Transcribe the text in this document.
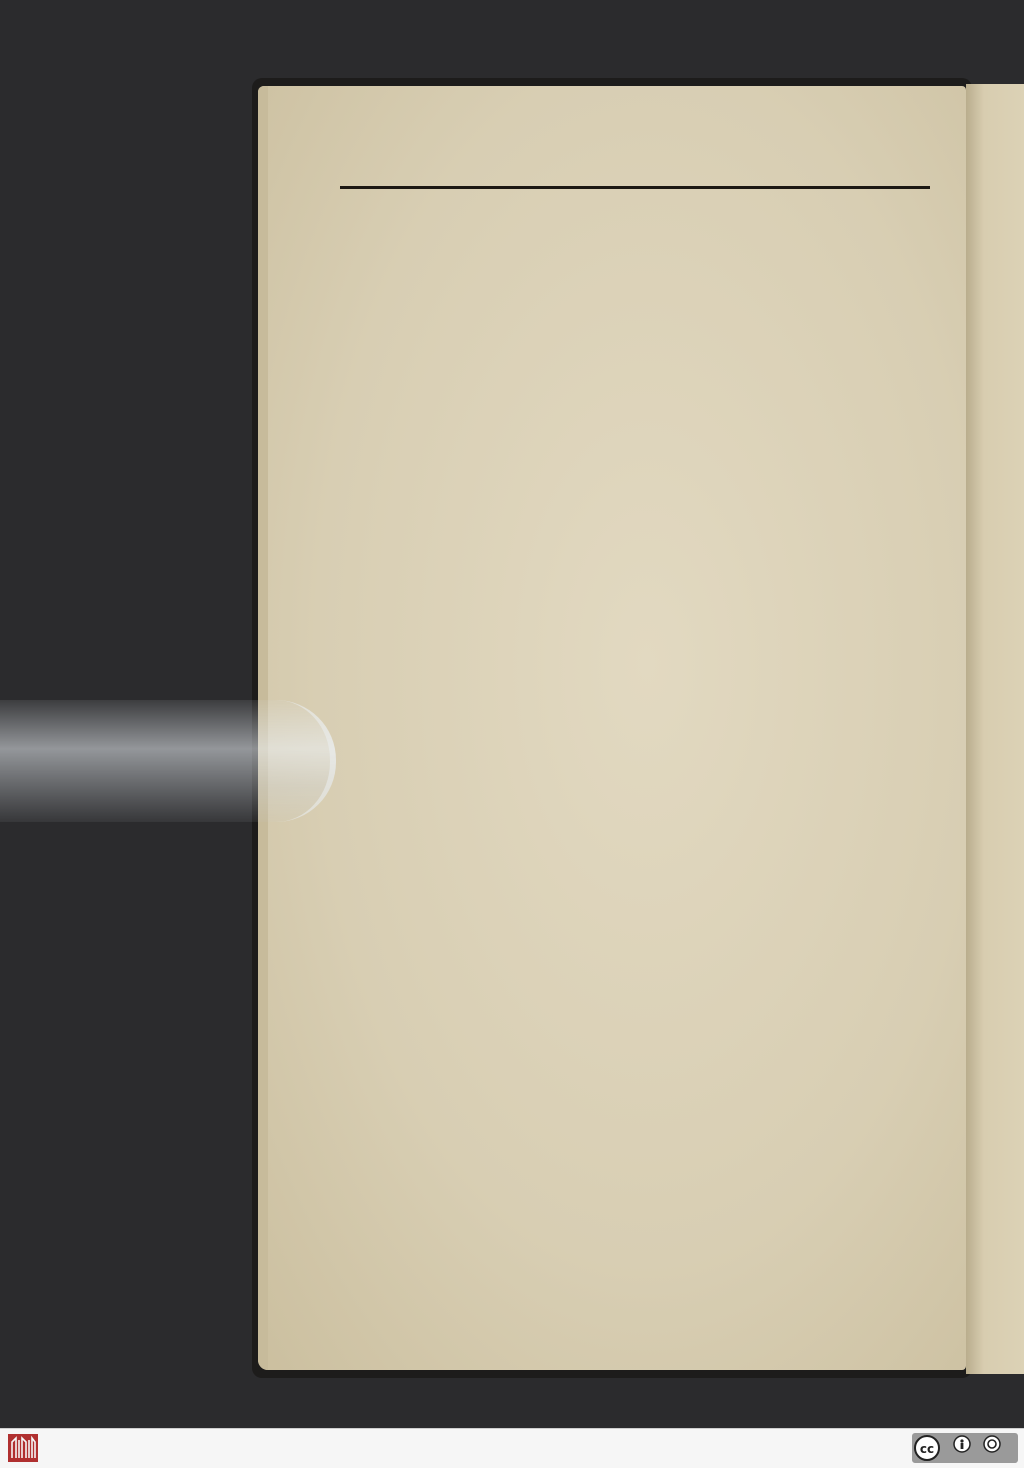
cc
